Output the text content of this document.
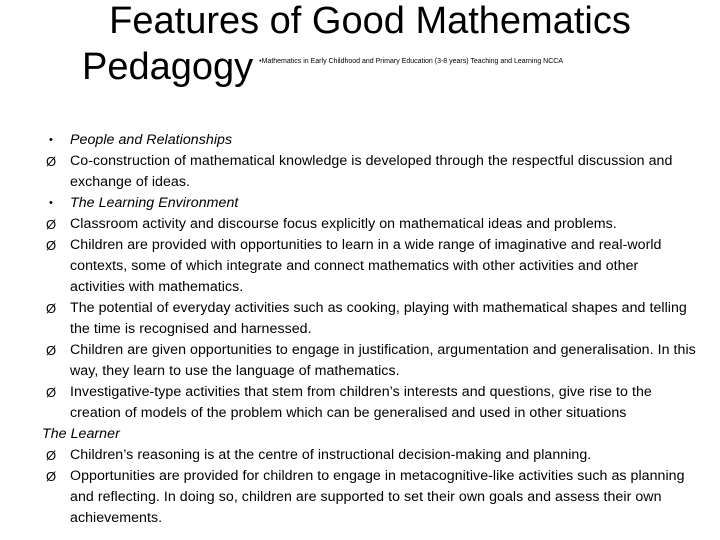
Features of Good Mathematics
Pedagogy $^{•Mathematics in Early Childhood and Primary Education (3-8 years) Teaching and Learning NCCA}$
•	People and Relationships
Ø Co-construction of mathematical knowledge is developed through the respectful discussion and exchange of ideas.
•	The Learning Environment
Ø Classroom activity and discourse focus explicitly on mathematical ideas and problems.
Ø Children are provided with opportunities to learn in a wide range of imaginative and real-world contexts, some of which integrate and connect mathematics with other activities and other activities with mathematics.
Ø The potential of everyday activities such as cooking, playing with mathematical shapes and telling the time is recognised and harnessed.
Ø Children are given opportunities to engage in justification, argumentation and generalisation. In this way, they learn to use the language of mathematics.
Ø Investigative-type activities that stem from children’s interests and questions, give rise to the creation of models of the problem which can be generalised and used in other situations
The Learner
Ø Children’s reasoning is at the centre of instructional decision-making and planning.
Ø Opportunities are provided for children to engage in metacognitive-like activities such as planning and reflecting. In doing so, children are supported to set their own goals and assess their own achievements.
